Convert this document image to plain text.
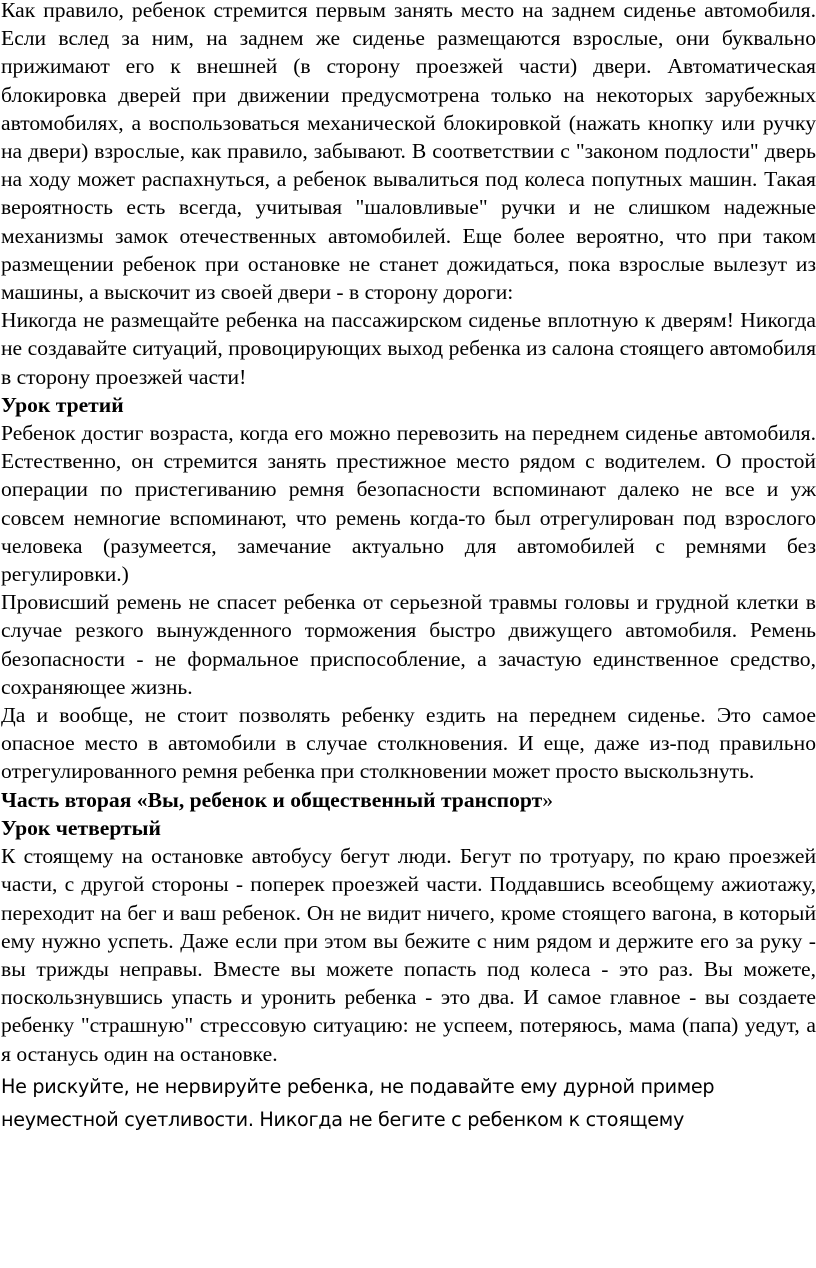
Как правило, ребенок стремится первым занять место на заднем сиденье автомобиля. Если вслед за ним, на заднем же сиденье размещаются взрослые, они буквально прижимают его к внешней (в сторону проезжей части) двери. Автоматическая блокировка дверей при движении предусмотрена только на некоторых зарубежных автомобилях, а воспользоваться механической блокировкой (нажать кнопку или ручку на двери) взрослые, как правило, забывают. В соответствии с "законом подлости" дверь на ходу может распахнуться, а ребенок вывалиться под колеса попутных машин. Такая вероятность есть всегда, учитывая "шаловливые" ручки и не слишком надежные механизмы замок отечественных автомобилей. Еще более вероятно, что при таком размещении ребенок при остановке не станет дожидаться, пока взрослые вылезут из машины, а выскочит из своей двери - в сторону дороги:

Никогда не размещайте ребенка на пассажирском сиденье вплотную к дверям! Никогда не создавайте ситуаций, провоцирующих выход ребенка из салона стоящего автомобиля в сторону проезжей части!

Урок третий

Ребенок достиг возраста, когда его можно перевозить на переднем сиденье автомобиля. Естественно, он стремится занять престижное место рядом с водителем. О простой операции по пристегиванию ремня безопасности вспоминают далеко не все и уж совсем немногие вспоминают, что ремень когда-то был отрегулирован под взрослого человека (разумеется, замечание актуально для автомобилей с ремнями без регулировки.)

Провисший ремень не спасет ребенка от серьезной травмы головы и грудной клетки в случае резкого вынужденного торможения быстро движущего автомобиля. Ремень безопасности - не формальное приспособление, а зачастую единственное средство, сохраняющее жизнь.

Да и вообще, не стоит позволять ребенку ездить на переднем сиденье. Это самое опасное место в автомобили в случае столкновения. И еще, даже из-под правильно отрегулированного ремня ребенка при столкновении может просто выскользнуть.

Часть вторая «Вы, ребенок и общественный транспорт»

Урок четвертый

К стоящему на остановке автобусу бегут люди. Бегут по тротуару, по краю проезжей части, с другой стороны - поперек проезжей части. Поддавшись всеобщему ажиотажу, переходит на бег и ваш ребенок. Он не видит ничего, кроме стоящего вагона, в который ему нужно успеть. Даже если при этом вы бежите с ним рядом и держите его за руку - вы трижды неправы. Вместе вы можете попасть под колеса - это раз. Вы можете, поскользнувшись упасть и уронить ребенка - это два. И самое главное - вы создаете ребенку "страшную" стрессовую ситуацию: не успеем, потеряюсь, мама (папа) уедут, а я останусь один на остановке.

Не рискуйте, не нервируйте ребенка, не подавайте ему дурной пример неуместной суетливости. Никогда не бегите с ребенком к стоящему
